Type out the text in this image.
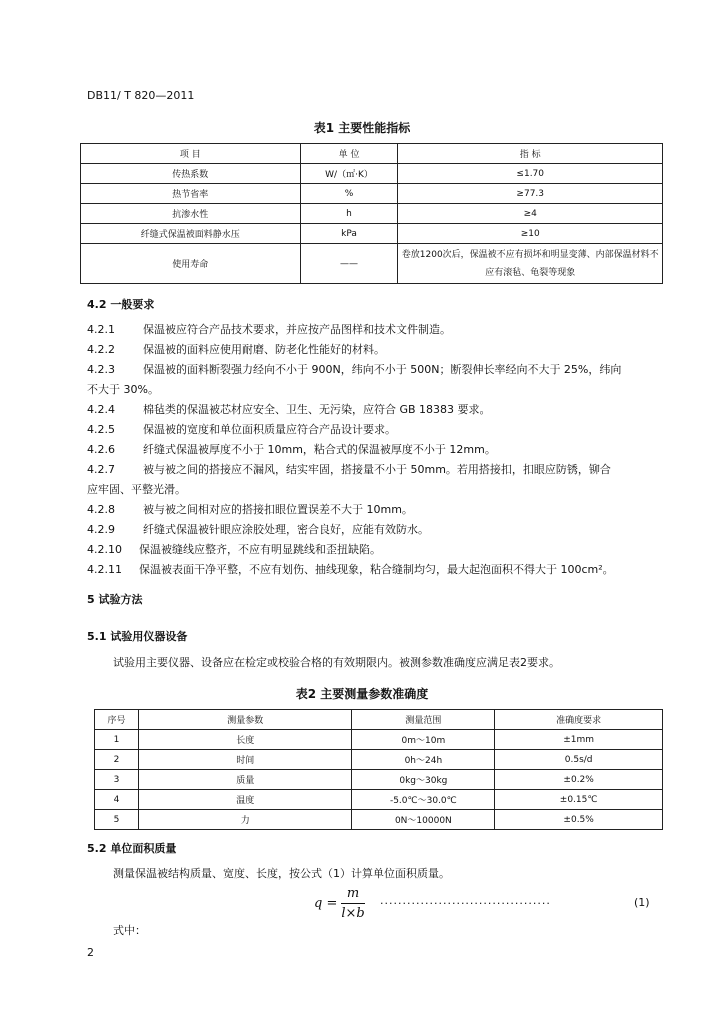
DB11/ T 820—2011
表1 主要性能指标
项 目	单 位	指 标
传热系数	W/（㎡·K）	≤1.70
热节省率	%	≥77.3
抗渗水性	h	≥4
纤缝式保温被面料静水压	kPa	≥10
使用寿命	——	卷放1200次后，保温被不应有损坏和明显变薄、内部保温材料不应有滚毡、龟裂等现象
4.2 一般要求
4.2.1	保温被应符合产品技术要求，并应按产品图样和技术文件制造。
4.2.2	保温被的面料应使用耐磨、防老化性能好的材料。
4.2.3	保温被的面料断裂强力经向不小于 900N，纬向不小于 500N；断裂伸长率经向不大于 25%，纬向
不大于 30%。
4.2.4	棉毡类的保温被芯材应安全、卫生、无污染，应符合 GB 18383 要求。
4.2.5	保温被的宽度和单位面积质量应符合产品设计要求。
4.2.6	纤缝式保温被厚度不小于 10mm，粘合式的保温被厚度不小于 12mm。
4.2.7	被与被之间的搭接应不漏风，结实牢固，搭接量不小于 50mm。若用搭接扣，扣眼应防锈，铆合
应牢固、平整光滑。
4.2.8	被与被之间相对应的搭接扣眼位置误差不大于 10mm。
4.2.9	纤缝式保温被针眼应涂胶处理，密合良好，应能有效防水。
4.2.10 保温被缝线应整齐，不应有明显跳线和歪扭缺陷。
4.2.11 保温被表面干净平整，不应有划伤、抽线现象，粘合缝制均匀，最大起泡面积不得大于 100cm²。
5 试验方法
5.1 试验用仪器设备
试验用主要仪器、设备应在检定或校验合格的有效期限内。被测参数准确度应满足表2要求。
表2 主要测量参数准确度
序号	测量参数	测量范围	准确度要求
1	长度	0m～10m	±1mm
2	时间	0h～24h	0.5s/d
3	质量	0kg～30kg	±0.2%
4	温度	-5.0℃～30.0℃	±0.15℃
5	力	0N～10000N	±0.5%
5.2 单位面积质量
测量保温被结构质量、宽度、长度，按公式（1）计算单位面积质量。
$q = \frac{m}{l\times b}$ ......................................	(1)
式中：
2
